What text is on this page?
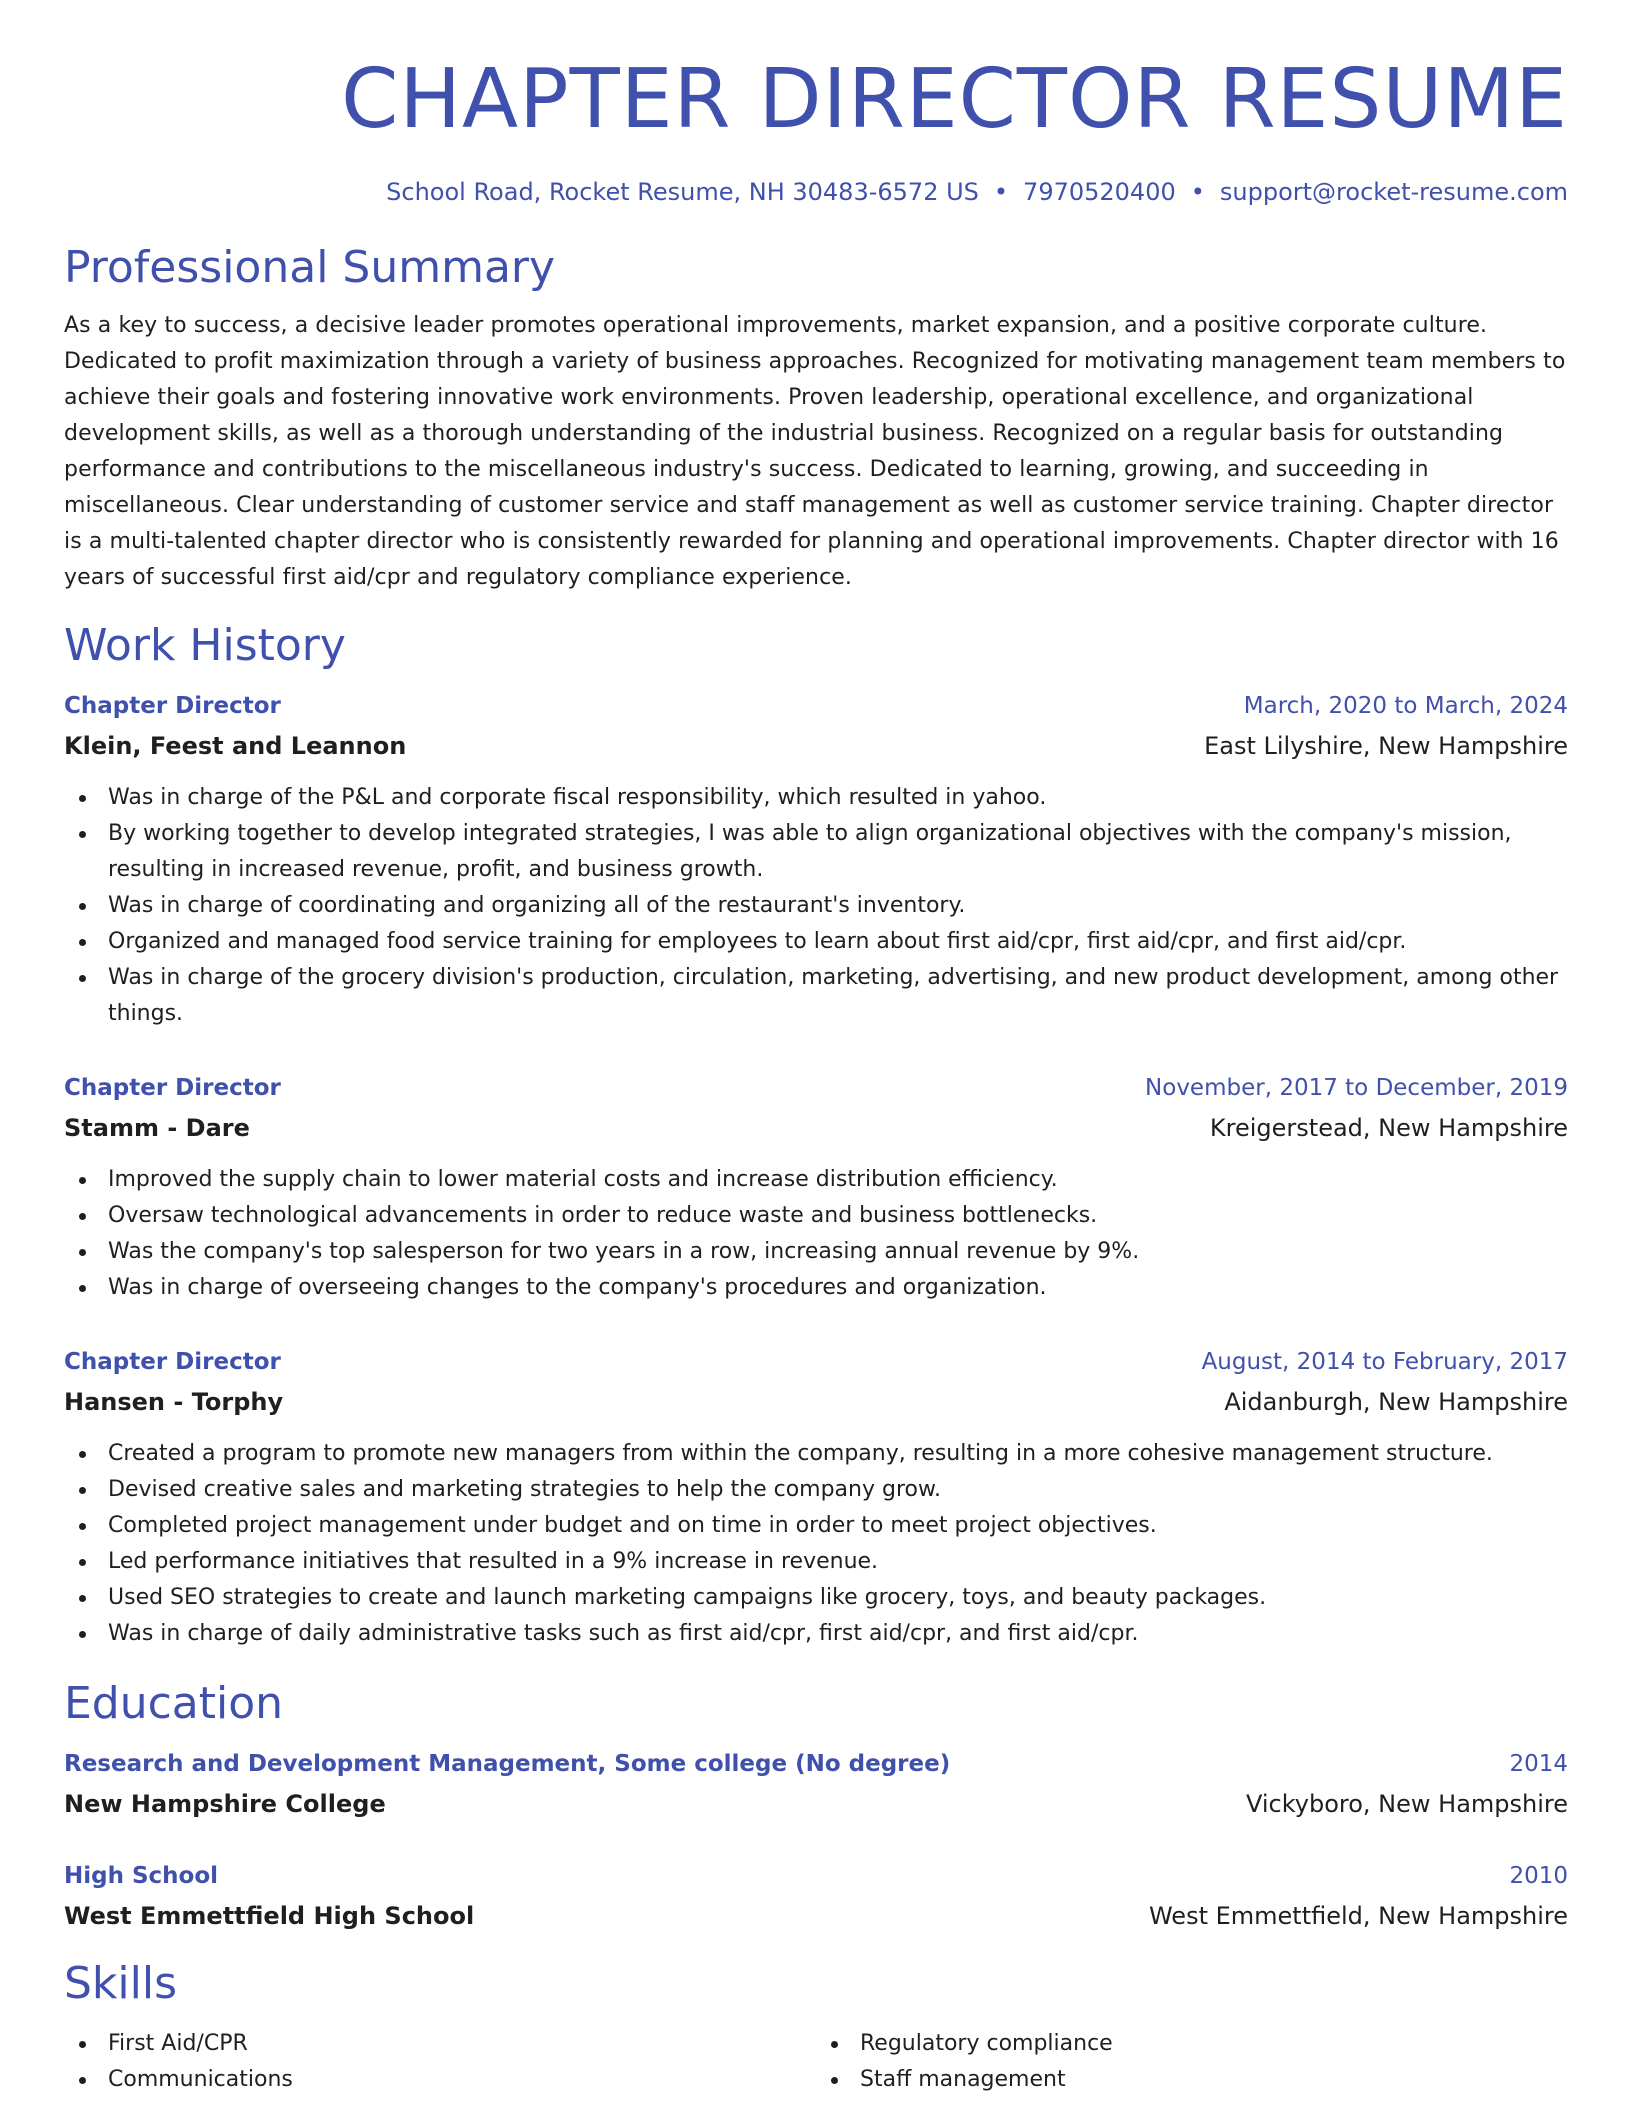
CHAPTER DIRECTOR RESUME
School Road, Rocket Resume, NH 30483-6572 US • 7970520400 • support@rocket-resume.com
Professional Summary
As a key to success, a decisive leader promotes operational improvements, market expansion, and a positive corporate culture. Dedicated to profit maximization through a variety of business approaches. Recognized for motivating management team members to achieve their goals and fostering innovative work environments. Proven leadership, operational excellence, and organizational development skills, as well as a thorough understanding of the industrial business. Recognized on a regular basis for outstanding performance and contributions to the miscellaneous industry's success. Dedicated to learning, growing, and succeeding in miscellaneous. Clear understanding of customer service and staff management as well as customer service training. Chapter director is a multi-talented chapter director who is consistently rewarded for planning and operational improvements. Chapter director with 16 years of successful first aid/cpr and regulatory compliance experience.
Work History
Chapter Director	March, 2020 to March, 2024
Klein, Feest and Leannon	East Lilyshire, New Hampshire
Was in charge of the P&L and corporate fiscal responsibility, which resulted in yahoo.
By working together to develop integrated strategies, I was able to align organizational objectives with the company's mission, resulting in increased revenue, profit, and business growth.
Was in charge of coordinating and organizing all of the restaurant's inventory.
Organized and managed food service training for employees to learn about first aid/cpr, first aid/cpr, and first aid/cpr.
Was in charge of the grocery division's production, circulation, marketing, advertising, and new product development, among other things.
Chapter Director	November, 2017 to December, 2019
Stamm - Dare	Kreigerstead, New Hampshire
Improved the supply chain to lower material costs and increase distribution efficiency.
Oversaw technological advancements in order to reduce waste and business bottlenecks.
Was the company's top salesperson for two years in a row, increasing annual revenue by 9%.
Was in charge of overseeing changes to the company's procedures and organization.
Chapter Director	August, 2014 to February, 2017
Hansen - Torphy	Aidanburgh, New Hampshire
Created a program to promote new managers from within the company, resulting in a more cohesive management structure.
Devised creative sales and marketing strategies to help the company grow.
Completed project management under budget and on time in order to meet project objectives.
Led performance initiatives that resulted in a 9% increase in revenue.
Used SEO strategies to create and launch marketing campaigns like grocery, toys, and beauty packages.
Was in charge of daily administrative tasks such as first aid/cpr, first aid/cpr, and first aid/cpr.
Education
Research and Development Management, Some college (No degree)	2014
New Hampshire College	Vickyboro, New Hampshire
High School	2010
West Emmettfield High School	West Emmettfield, New Hampshire
Skills
First Aid/CPR
Communications
Regulatory compliance
Staff management
